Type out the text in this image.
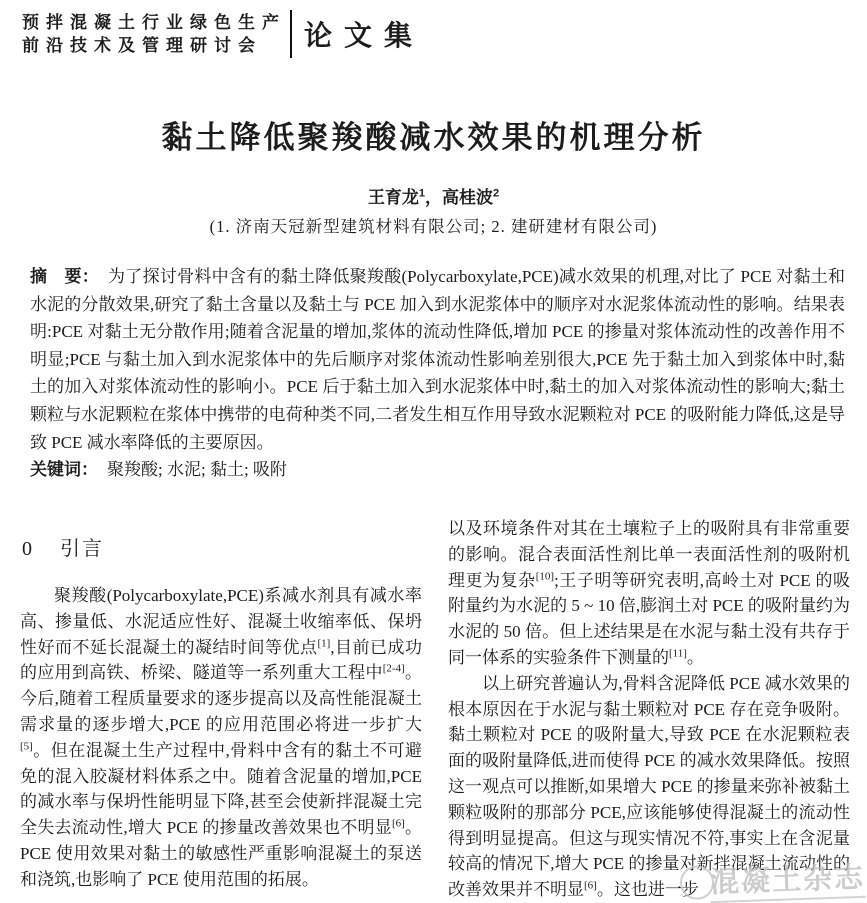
预拌混凝土行业绿色生产
前沿技术及管理研讨会	论文集
黏土降低聚羧酸减水效果的机理分析
王育龙$^1$，高桂波$^2$
(1. 济南天冠新型建筑材料有限公司; 2. 建研建材有限公司)
摘　要： 为了探讨骨料中含有的黏土降低聚羧酸(Polycarboxylate,PCE)减水效果的机理,对比了 PCE 对黏土和水泥的分散效果,研究了黏土含量以及黏土与 PCE 加入到水泥浆体中的顺序对水泥浆体流动性的影响。结果表明:PCE 对黏土无分散作用;随着含泥量的增加,浆体的流动性降低,增加 PCE 的掺量对浆体流动性的改善作用不明显;PCE 与黏土加入到水泥浆体中的先后顺序对浆体流动性影响差别很大,PCE 先于黏土加入到浆体中时,黏土的加入对浆体流动性的影响小。PCE 后于黏土加入到水泥浆体中时,黏土的加入对浆体流动性的影响大;黏土颗粒与水泥颗粒在浆体中携带的电荷种类不同,二者发生相互作用导致水泥颗粒对 PCE 的吸附能力降低,这是导致 PCE 减水率降低的主要原因。
关键词： 聚羧酸; 水泥; 黏土; 吸附
0 引言

聚羧酸(Polycarboxylate,PCE)系减水剂具有减水率高、掺量低、水泥适应性好、混凝土收缩率低、保坍性好而不延长混凝土的凝结时间等优点[1],目前已成功的应用到高铁、桥梁、隧道等一系列重大工程中[2-4]。今后,随着工程质量要求的逐步提高以及高性能混凝土需求量的逐步增大,PCE 的应用范围必将进一步扩大[5]。但在混凝土生产过程中,骨料中含有的黏土不可避免的混入胶凝材料体系之中。随着含泥量的增加,PCE 的减水率与保坍性能明显下降,甚至会使新拌混凝土完全失去流动性,增大 PCE 的掺量改善效果也不明显[6]。PCE 使用效果对黏土的敏感性严重影响混凝土的泵送和浇筑,也影响了 PCE 使用范围的拓展。

以及环境条件对其在土壤粒子上的吸附具有非常重要的影响。混合表面活性剂比单一表面活性剂的吸附机理更为复杂[10];王子明等研究表明,高岭土对 PCE 的吸附量约为水泥的 5 ~ 10 倍,膨润土对 PCE 的吸附量约为水泥的 50 倍。但上述结果是在水泥与黏土没有共存于同一体系的实验条件下测量的[11]。

以上研究普遍认为,骨料含泥降低 PCE 减水效果的根本原因在于水泥与黏土颗粒对 PCE 存在竞争吸附。黏土颗粒对 PCE 的吸附量大,导致 PCE 在水泥颗粒表面的吸附量降低,进而使得 PCE 的减水效果降低。按照这一观点可以推断,如果增大 PCE 的掺量来弥补被黏土颗粒吸附的那部分 PCE,应该能够使得混凝土的流动性得到明显提高。但这与现实情况不符,事实上在含泥量较高的情况下,增大 PCE 的掺量对新拌混凝土流动性的改善效果并不明显[6]。这也进一步 混凝土杂志
